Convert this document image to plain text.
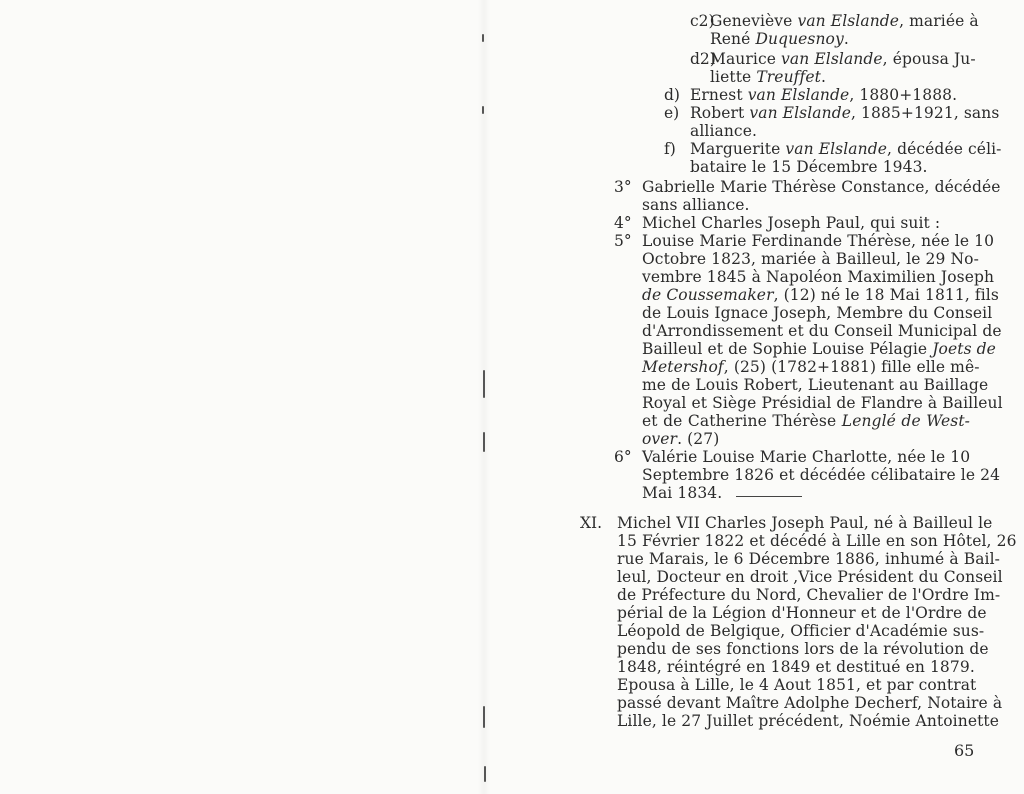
c2)
Geneviève van Elslande, mariée à
René Duquesnoy.
d2)
Maurice van Elslande, épousa Ju-
liette Treuffet.
d) Ernest van Elslande, 1880+1888.
e) Robert van Elslande, 1885+1921, sans
alliance.
f) Marguerite van Elslande, décédée céli-
bataire le 15 Décembre 1943.
3° Gabrielle Marie Thérèse Constance, décédée
sans alliance.
4° Michel Charles Joseph Paul, qui suit :
5° Louise Marie Ferdinande Thérèse, née le 10
Octobre 1823, mariée à Bailleul, le 29 No-
vembre 1845 à Napoléon Maximilien Joseph
de Coussemaker, (12) né le 18 Mai 1811, fils
de Louis Ignace Joseph, Membre du Conseil
d'Arrondissement et du Conseil Municipal de
Bailleul et de Sophie Louise Pélagie Joets de
Metershof, (25) (1782+1881) fille elle mê-
me de Louis Robert, Lieutenant au Baillage
Royal et Siège Présidial de Flandre à Bailleul
et de Catherine Thérèse Lenglé de West-
over. (27)
6° Valérie Louise Marie Charlotte, née le 10
Septembre 1826 et décédée célibataire le 24
Mai 1834.
XI. Michel VII Charles Joseph Paul, né à Bailleul le
15 Février 1822 et décédé à Lille en son Hôtel, 26
rue Marais, le 6 Décembre 1886, inhumé à Bail-
leul, Docteur en droit ,Vice Président du Conseil
de Préfecture du Nord, Chevalier de l'Ordre Im-
périal de la Légion d'Honneur et de l'Ordre de
Léopold de Belgique, Officier d'Académie sus-
pendu de ses fonctions lors de la révolution de
1848, réintégré en 1849 et destitué en 1879.
Epousa à Lille, le 4 Aout 1851, et par contrat
passé devant Maître Adolphe Decherf, Notaire à
Lille, le 27 Juillet précédent, Noémie Antoinette
65
